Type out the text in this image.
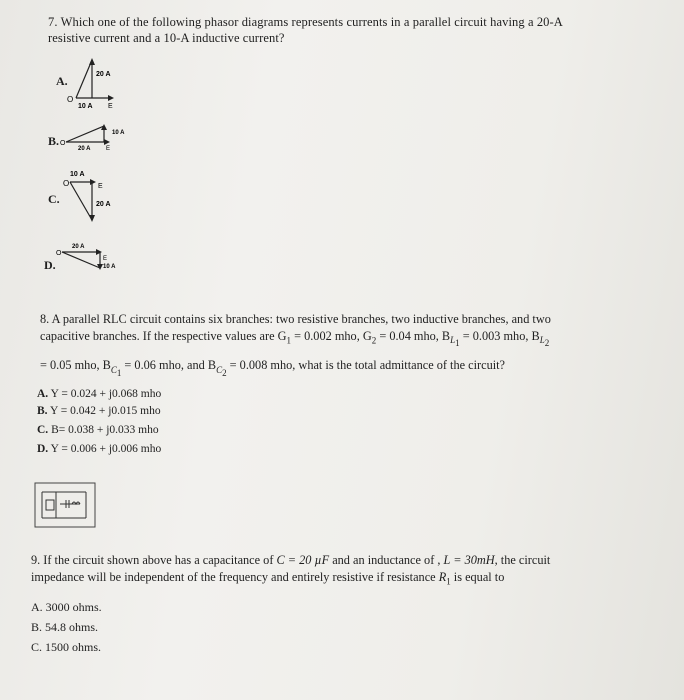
7. Which one of the following phasor diagrams represents currents in a parallel circuit having a 20-A
resistive current and a 10-A inductive current?
A.	20 A
O
10 A E
B. O
20 A
10 A
E
C.
O
10 A
E
20 A
D.
O
20 A
E
10 A
8. A parallel RLC circuit contains six branches: two resistive branches, two inductive branches, and two
capacitive branches. If the respective values are $G_1 = 0.002$ mho, $G_2 = 0.04$ mho, $B_{L_1} = 0.003$ mho, $B_{L_2}$
= 0.05 mho, $B_{C_1} = 0.06$ mho, and $B_{C_2} = 0.008$ mho, what is the total admittance of the circuit?
A. Y = 0.024 + j0.068 mho
B. Y = 0.042 + j0.015 mho
C. B= 0.038 + j0.033 mho
D. Y = 0.006 + j0.006 mho
9. If the circuit shown above has a capacitance of C = 20 µF and an inductance of , L = 30mH, the circuit
impedance will be independent of the frequency and entirely resistive if resistance $R_1$ is equal to
A. 3000 ohms.
B. 54.8 ohms.
C. 1500 ohms.
